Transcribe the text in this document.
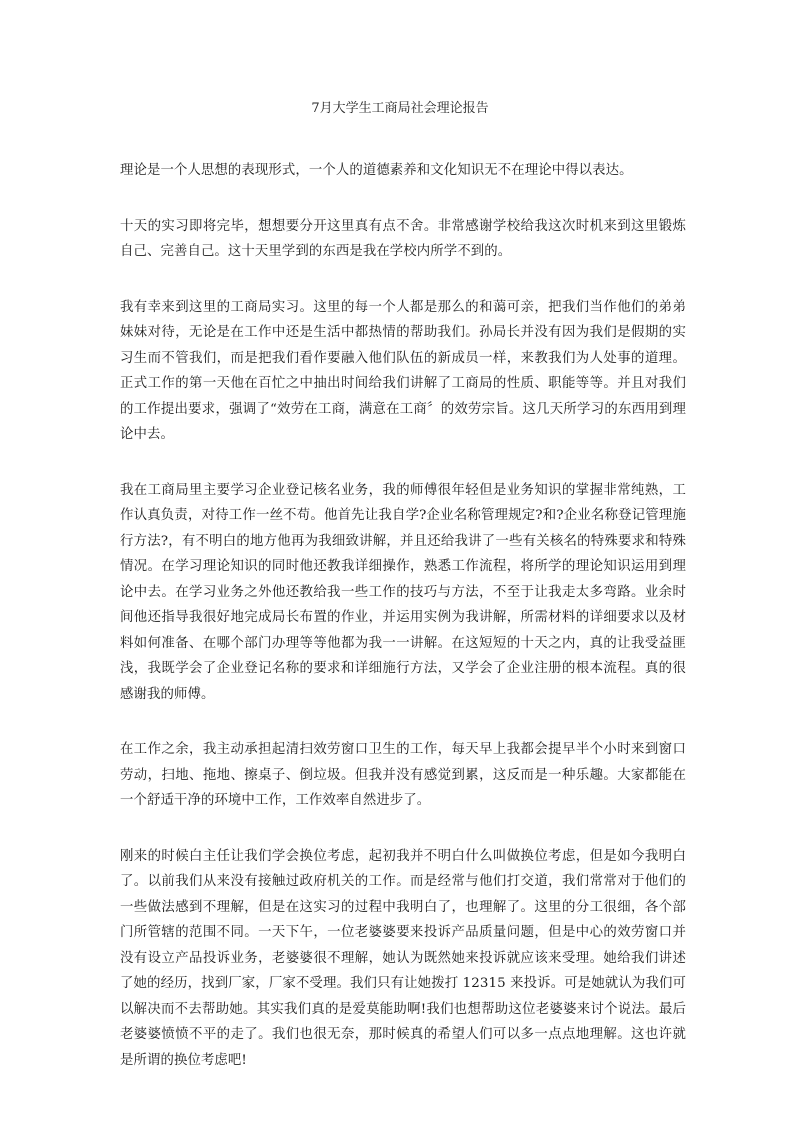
7月大学生工商局社会理论报告

理论是一个人思想的表现形式，一个人的道德素养和文化知识无不在理论中得以表达。

十天的实习即将完毕，想想要分开这里真有点不舍。非常感谢学校给我这次时机来到这里锻炼自己、完善自己。这十天里学到的东西是我在学校内所学不到的。

我有幸来到这里的工商局实习。这里的每一个人都是那么的和蔼可亲，把我们当作他们的弟弟妹妹对待，无论是在工作中还是生活中都热情的帮助我们。孙局长并没有因为我们是假期的实习生而不管我们，而是把我们看作要融入他们队伍的新成员一样，来教我们为人处事的道理。正式工作的第一天他在百忙之中抽出时间给我们讲解了工商局的性质、职能等等。并且对我们的工作提出要求，强调了“效劳在工商，满意在工商〞的效劳宗旨。这几天所学习的东西用到理论中去。

我在工商局里主要学习企业登记核名业务，我的师傅很年轻但是业务知识的掌握非常纯熟，工作认真负责，对待工作一丝不苟。他首先让我自学?企业名称管理规定?和?企业名称登记管理施行方法?，有不明白的地方他再为我细致讲解，并且还给我讲了一些有关核名的特殊要求和特殊情况。在学习理论知识的同时他还教我详细操作，熟悉工作流程，将所学的理论知识运用到理论中去。在学习业务之外他还教给我一些工作的技巧与方法，不至于让我走太多弯路。业余时间他还指导我很好地完成局长布置的作业，并运用实例为我讲解，所需材料的详细要求以及材料如何准备、在哪个部门办理等等他都为我一一讲解。在这短短的十天之内，真的让我受益匪浅，我既学会了企业登记名称的要求和详细施行方法，又学会了企业注册的根本流程。真的很感谢我的师傅。

在工作之余，我主动承担起清扫效劳窗口卫生的工作，每天早上我都会提早半个小时来到窗口劳动，扫地、拖地、擦桌子、倒垃圾。但我并没有感觉到累，这反而是一种乐趣。大家都能在一个舒适干净的环境中工作，工作效率自然进步了。

刚来的时候白主任让我们学会换位考虑，起初我并不明白什么叫做换位考虑，但是如今我明白了。以前我们从来没有接触过政府机关的工作。而是经常与他们打交道，我们常常对于他们的一些做法感到不理解，但是在这实习的过程中我明白了，也理解了。这里的分工很细，各个部门所管辖的范围不同。一天下午，一位老婆婆要来投诉产品质量问题，但是中心的效劳窗口并没有设立产品投诉业务，老婆婆很不理解，她认为既然她来投诉就应该来受理。她给我们讲述了她的经历，找到厂家，厂家不受理。我们只有让她拨打 12315 来投诉。可是她就认为我们可以解决而不去帮助她。其实我们真的是爱莫能助啊!我们也想帮助这位老婆婆来讨个说法。最后老婆婆愤愤不平的走了。我们也很无奈，那时候真的希望人们可以多一点点地理解。这也许就是所谓的换位考虑吧!
